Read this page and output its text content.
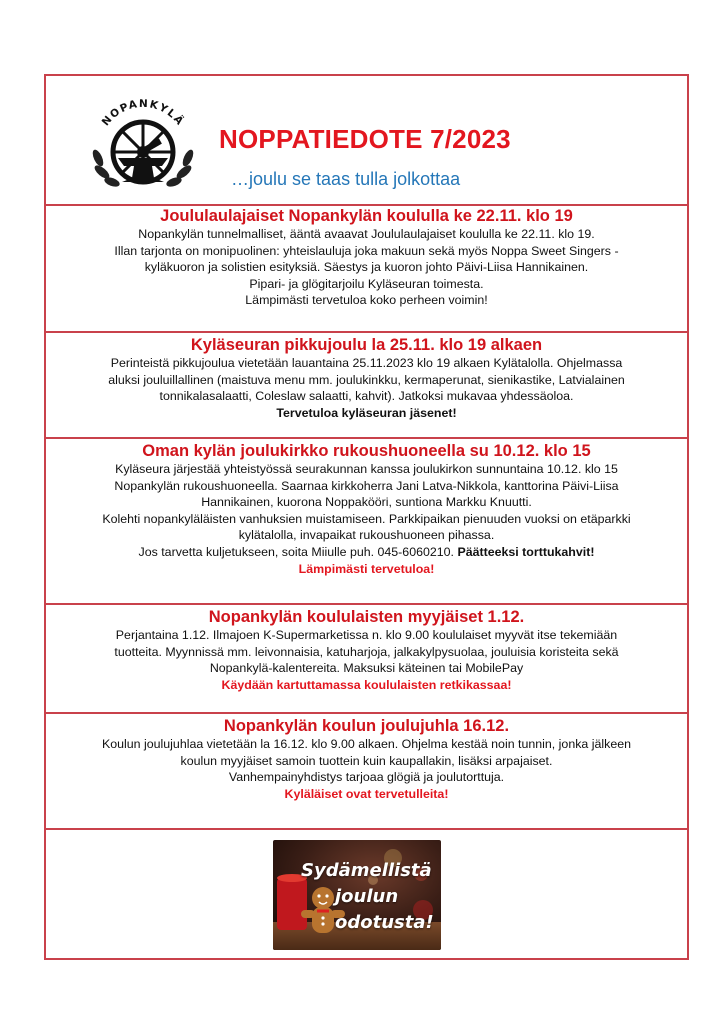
NOPANKYLÄ
NOPPATIEDOTE 7/2023
…joulu se taas tulla jolkottaa
Joululaulajaiset Nopankylän koululla ke 22.11. klo 19
Nopankylän tunnelmalliset, ääntä avaavat Joululaulajaiset koululla ke 22.11. klo 19.
Illan tarjonta on monipuolinen: yhteislauluja joka makuun sekä myös Noppa Sweet Singers -
kyläkuoron ja solistien esityksiä. Säestys ja kuoron johto Päivi-Liisa Hannikainen.
Pipari- ja glögitarjoilu Kyläseuran toimesta.
Lämpimästi tervetuloa koko perheen voimin!
Kyläseuran pikkujoulu la 25.11. klo 19 alkaen
Perinteistä pikkujoulua vietetään lauantaina 25.11.2023 klo 19 alkaen Kylätalolla. Ohjelmassa
aluksi jouluillallinen (maistuva menu mm. joulukinkku, kermaperunat, sienikastike, Latvialainen
tonnikalasalaatti, Coleslaw salaatti, kahvit). Jatkoksi mukavaa yhdessäoloa.
Tervetuloa kyläseuran jäsenet!
Oman kylän joulukirkko rukoushuoneella su 10.12. klo 15
Kyläseura järjestää yhteistyössä seurakunnan kanssa joulukirkon sunnuntaina 10.12. klo 15
Nopankylän rukoushuoneella. Saarnaa kirkkoherra Jani Latva-Nikkola, kanttorina Päivi-Liisa
Hannikainen, kuorona Noppaköörі, suntiona Markku Knuutti.
Kolehti nopankyläläisten vanhuksien muistamiseen. Parkkipaikan pienuuden vuoksi on etäparkki
kylätalolla, invapaikat rukoushuoneen pihassa.
Jos tarvetta kuljetukseen, soita Miiulle puh. 045-6060210. Päätteeksi torttukahvit!
Lämpimästi tervetuloa!
Nopankylän koululaisten myyjäiset 1.12.
Perjantaina 1.12. Ilmajoen K-Supermarketissa n. klo 9.00 koululaiset myyvät itse tekemiään
tuotteita. Myynnissä mm. leivonnaisia, katuharjoja, jalkakylpysuolaa, jouluisia koristeita sekä
Nopankylä-kalentereita. Maksuksi käteinen tai MobilePay
Käydään kartuttamassa koululaisten retkikassaa!
Nopankylän koulun joulujuhla 16.12.
Koulun joulujuhlaa vietetään la 16.12. klo 9.00 alkaen. Ohjelma kestää noin tunnin, jonka jälkeen
koulun myyjäiset samoin tuottein kuin kaupallakin, lisäksi arpajaiset.
Vanhempainyhdistys tarjoaa glögiä ja joulutorttuja.
Kyläläiset ovat tervetulleita!
Sydämellistä
joulun
odotusta!
